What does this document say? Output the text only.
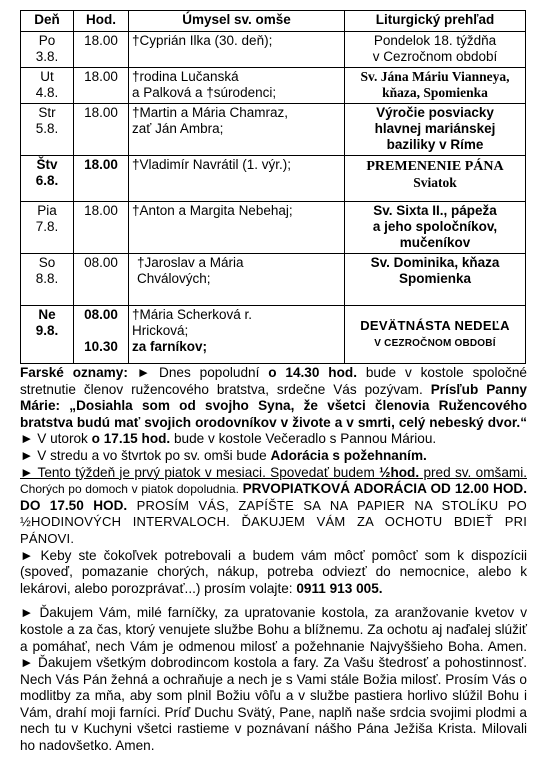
Deň	Hod.	Úmysel sv. omše	Liturgický prehľad
Po
3.8.	18.00	†Cyprián Ilka (30. deň);	Pondelok 18. týždňa
v Cezročnom období
Ut
4.8.	18.00	†rodina Lučanská
a Palková a †súrodenci;	Sv. Jána Máriu Vianneya,
kňaza, Spomienka
Str
5.8.	18.00	†Martin a Mária Chamraz,
zať Ján Ambra;	Výročie posviacky
hlavnej mariánskej
baziliky v Ríme
Štv
6.8.	18.00	†Vladimír Navrátil (1. výr.);	PREMENENIE PÁNA
Sviatok
Pia
7.8.	18.00	†Anton a Margita Nebehaj;	Sv. Sixta II., pápeža
a jeho spoločníkov,
mučeníkov
So
8.8.	08.00	†Jaroslav a Mária
Chválových;	Sv. Dominika, kňaza
Spomienka
Ne
9.8.	08.00

10.30	†Mária Scherková r.
Hricková;
za farníkov;	DEVÄTNÁSTA NEDEĽA
V CEZROČNOM OBDOBÍ

Farské oznamy: ► Dnes popoludní o 14.30 hod. bude v kostole spoločné stretnutie členov ružencového bratstva, srdečne Vás pozývam. Prísľub Panny Márie: „Dosiahla som od svojho Syna, že všetci členovia Ružencového bratstva budú mať svojich orodovníkov v živote a v smrti, celý nebeský dvor.“ ► V utorok o 17.15 hod. bude v kostole Večeradlo s Pannou Máriou.

► V stredu a vo štvrtok po sv. omši bude Adorácia s požehnaním.

► Tento týždeň je prvý piatok v mesiaci. Spovedať budem ½hod. pred sv. omšami. Chorých po domoch v piatok dopoludnia. PRVOPIATKOVÁ ADORÁCIA OD 12.00 HOD. DO 17.50 HOD. PROSÍM VÁS, ZAPÍŠTE SA NA PAPIER NA STOLÍKU PO ½HODINOVÝCH INTERVALOCH. ĎAKUJEM VÁM ZA OCHOTU BDIEŤ PRI PÁNOVI.

► Keby ste čokoľvek potrebovali a budem vám môcť pomôcť som k dispozícii (spoveď, pomazanie chorých, nákup, potreba odviezť do nemocnice, alebo k lekárovi, alebo porozprávať...) prosím volajte: 0911 913 005.

► Ďakujem Vám, milé farníčky, za upratovanie kostola, za aranžovanie kvetov v kostole a za čas, ktorý venujete službe Bohu a blížnemu. Za ochotu aj naďalej slúžiť a pomáhať, nech Vám je odmenou milosť a požehnanie Najvyššieho Boha. Amen. ► Ďakujem všetkým dobrodincom kostola a fary. Za Vašu štedrosť a pohostinnosť. Nech Vás Pán žehná a ochraňuje a nech je s Vami stále Božia milosť. Prosím Vás o modlitby za mňa, aby som plnil Božiu vôľu a v službe pastiera horlivo slúžil Bohu i Vám, drahí moji farníci. Príď Duchu Svätý, Pane, naplň naše srdcia svojimi plodmi a nech tu v Kuchyni všetci rastieme v poznávaní nášho Pána Ježiša Krista. Milovali ho nadovšetko. Amen.
